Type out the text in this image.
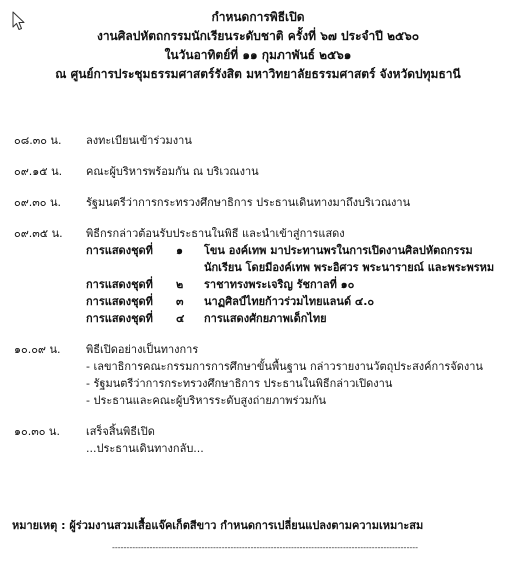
กำหนดการพิธีเปิด
งานศิลปหัตถกรรมนักเรียนระดับชาติ ครั้งที่ ๖๗ ประจำปี ๒๕๖๐
ในวันอาทิตย์ที่ ๑๑ กุมภาพันธ์ ๒๕๖๑
ณ ศูนย์การประชุมธรรมศาสตร์รังสิต มหาวิทยาลัยธรรมศาสตร์ จังหวัดปทุมธานี
๐๘.๓๐ น.	ลงทะเบียนเข้าร่วมงาน
๐๙.๑๕ น.	คณะผู้บริหารพร้อมกัน ณ บริเวณงาน
๐๙.๓๐ น.	รัฐมนตรีว่าการกระทรวงศึกษาธิการ ประธานเดินทางมาถึงบริเวณงาน
๐๙.๓๕ น.	พิธีกรกล่าวต้อนรับประธานในพิธี และนำเข้าสู่การแสดง
การแสดงชุดที่ ๑ โขน องค์เทพ มาประทานพรในการเปิดงานศิลปหัตถกรรม
นักเรียน โดยมีองค์เทพ พระอิศวร พระนารายณ์ และพระพรหม
การแสดงชุดที่ ๒ ราชาทรงพระเจริญ รัชกาลที่ ๑๐
การแสดงชุดที่ ๓ นาฏศิลป์ไทยก้าวร่วมไทยแลนด์ ๔.๐
การแสดงชุดที่ ๔ การแสดงศักยภาพเด็กไทย
๑๐.๐๙ น.	พิธีเปิดอย่างเป็นทางการ
- เลขาธิการคณะกรรมการการศึกษาขั้นพื้นฐาน กล่าวรายงานวัตถุประสงค์การจัดงาน
- รัฐมนตรีว่าการกระทรวงศึกษาธิการ ประธานในพิธีกล่าวเปิดงาน
- ประธานและคณะผู้บริหารระดับสูงถ่ายภาพร่วมกัน
๑๐.๓๐ น.	เสร็จสิ้นพิธีเปิด
...ประธานเดินทางกลับ...
หมายเหตุ : ผู้ร่วมงานสวมเสื้อแจ๊คเก็ตสีขาว กำหนดการเปลี่ยนแปลงตามความเหมาะสม
----------------------------------------------------------------------------------------------------------
